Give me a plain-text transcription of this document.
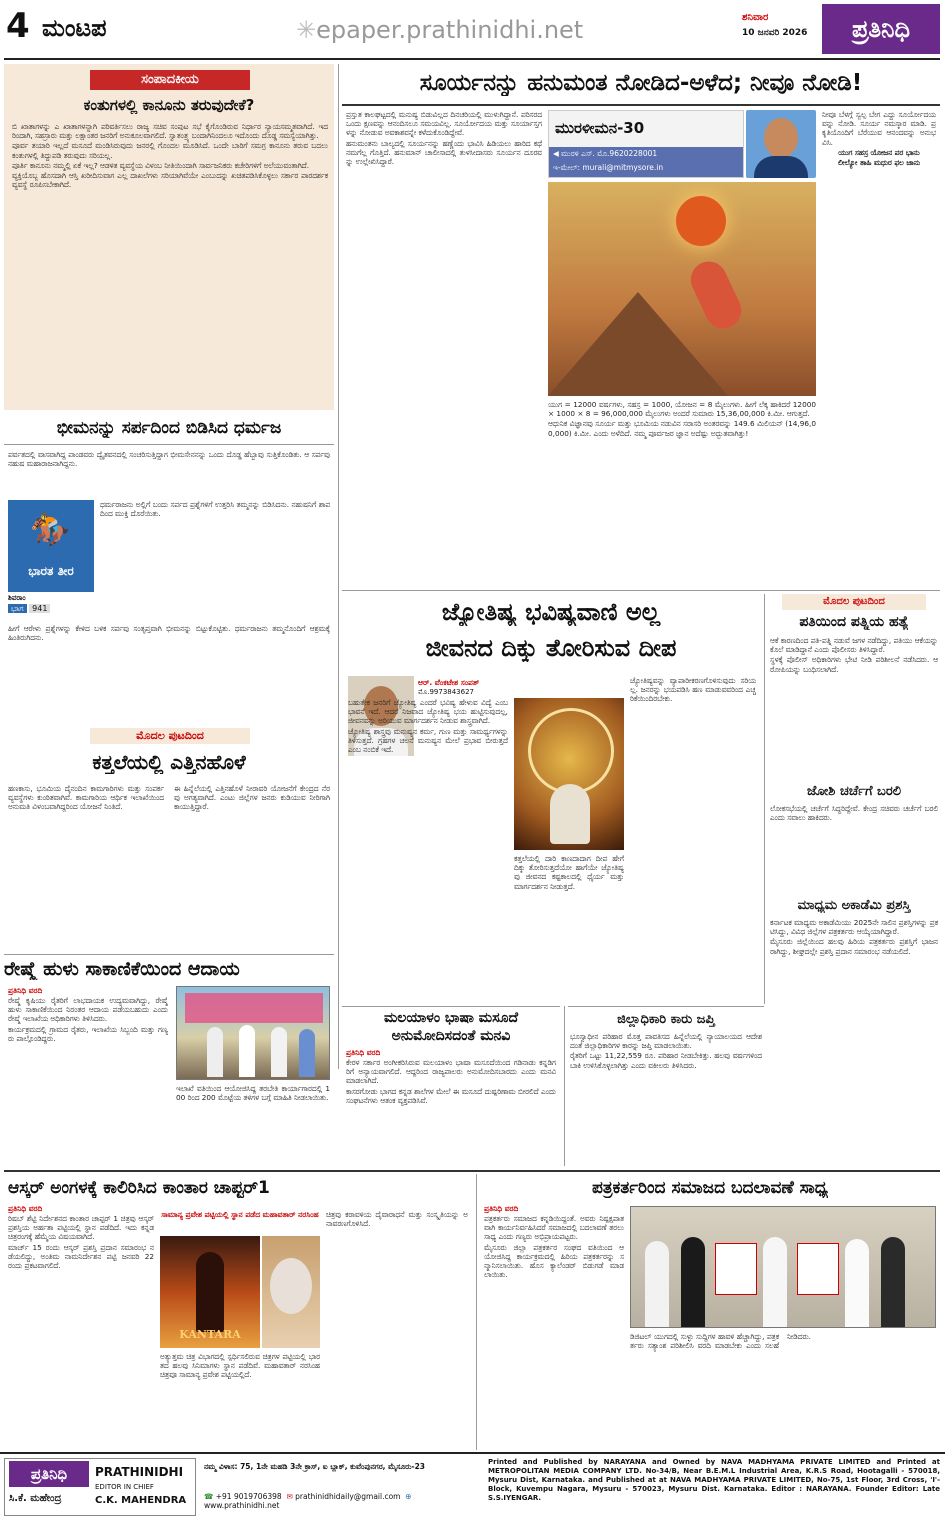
4 ಮಂಟಪ	✳epaper.prathinidhi.net	ಶನಿವಾರ
10 ಜನವರಿ 2026	ಪ್ರತಿನಿಧಿ
ಸಂಪಾದಕೀಯ
ಕಂತುಗಳಲ್ಲಿ ಕಾನೂನು ತರುವುದೇಕೆ?

ಬಿ ಖಾತಾಗಳನ್ನು ಎ ಖಾತಾಗಳನ್ನಾಗಿ ಪರಿವರ್ತಿಸಲು ರಾಜ್ಯ ಸಚಿವ ಸಂಪುಟ ಸಭೆ ಕೈಗೊಂಡಿರುವ ನಿರ್ಧಾರ ನ್ಯಾಯಸಮ್ಮತವಾಗಿದೆ. ಇದರಿಂದಾಗಿ, ಸಹಸ್ರಾರು ಮತ್ತು ಲಕ್ಷಾಂತರ ಜನರಿಗೆ ಅನುಕೂಲವಾಗಲಿದೆ. ಸ್ವಾತಂತ್ರ್ಯ ಬಂದಾಗಿನಿಂದಲೂ ಇದೊಂದು ದೊಡ್ಡ ಸಮಸ್ಯೆಯಾಗಿತ್ತು.

ಪೂರ್ವ ತಯಾರಿ ಇಲ್ಲದೆ ಮಸೂದೆ ಮಂಡಿಸಿರುವುದು ಜನರಲ್ಲಿ ಗೊಂದಲ ಮೂಡಿಸಿದೆ. ಒಂದೇ ಬಾರಿಗೆ ಸಮಗ್ರ ಕಾನೂನು ತರುವ ಬದಲು ಕಂತುಗಳಲ್ಲಿ ತಿದ್ದುಪಡಿ ತರುವುದು ಸರಿಯಲ್ಲ.

ಪೂರ್ತಿ ಕಾನೂನು ನಮ್ಮಲ್ಲಿ ಏಕೆ ಇಲ್ಲ? ಆಡಳಿತ ವ್ಯವಸ್ಥೆಯ ವಿಳಂಬ ನೀತಿಯಿಂದಾಗಿ ಸಾರ್ವಜನಿಕರು ಕಚೇರಿಗಳಿಗೆ ಅಲೆಯುವಂತಾಗಿದೆ.

ವ್ಯಕ್ತಿಯೊಬ್ಬ ಹೊಸದಾಗಿ ಆಸ್ತಿ ಖರೀದಿಸುವಾಗ ಎಲ್ಲ ದಾಖಲೆಗಳು ಸರಿಯಾಗಿವೆಯೇ ಎಂಬುದನ್ನು ಖಚಿತಪಡಿಸಿಕೊಳ್ಳಲು ಸರ್ಕಾರ ಪಾರದರ್ಶಕ ವ್ಯವಸ್ಥೆ ರೂಪಿಸಬೇಕಾಗಿದೆ.

ಭೀಮನನ್ನು ಸರ್ಪದಿಂದ ಬಿಡಿಸಿದ ಧರ್ಮಜ

ಪರ್ವತದಲ್ಲಿ ವಾಸವಾಗಿದ್ದ ಪಾಂಡವರು ದ್ವೈತವನದಲ್ಲಿ ಸಂಚರಿಸುತ್ತಿದ್ದಾಗ ಭೀಮಸೇನನನ್ನು ಒಂದು ದೊಡ್ಡ ಹೆಬ್ಬಾವು ಸುತ್ತಿಕೊಂಡಿತು. ಆ ಸರ್ಪವು ನಹುಷ ಮಹಾರಾಜನಾಗಿದ್ದನು.

🏇
ಭಾರತ ತೀರ
ಶಿವರಾಂ
ಭಾಗ 941

ಧರ್ಮರಾಜನು ಅಲ್ಲಿಗೆ ಬಂದು ಸರ್ಪದ ಪ್ರಶ್ನೆಗಳಿಗೆ ಉತ್ತರಿಸಿ ತಮ್ಮನನ್ನು ಬಿಡಿಸಿದನು. ನಹುಷನಿಗೆ ಶಾಪದಿಂದ ಮುಕ್ತಿ ದೊರೆಯಿತು.

ಹೀಗೆ ಆರೇಳು ಪ್ರಶ್ನೆಗಳನ್ನು ಕೇಳಿದ ಬಳಿಕ ಸರ್ಪವು ಸಂತೃಪ್ತವಾಗಿ ಭೀಮನನ್ನು ಬಿಟ್ಟುಕೊಟ್ಟಿತು. ಧರ್ಮರಾಜನು ತಮ್ಮನೊಂದಿಗೆ ಆಶ್ರಮಕ್ಕೆ ಹಿಂತಿರುಗಿದನು.

ಮೊದಲ ಪುಟದಿಂದ
ಕತ್ತಲೆಯಲ್ಲಿ ಎತ್ತಿನಹೊಳೆ

ಹಣಕಾಸು, ಭೂಮಿಯ ದೈನಂದಿನ ಕಾಮಗಾರಿಗಳು ಮತ್ತು ಸಂಪರ್ಕ ವ್ಯವಸ್ಥೆಗಳು ಕುಂಠಿತವಾಗಿವೆ. ಕಾಮಗಾರಿಯ ಆರ್ಥಿಕ ಇಲಾಖೆಯಿಂದ ಅನುಮತಿ ವಿಳಂಬವಾಗಿದ್ದರಿಂದ ಯೋಜನೆ ನಿಂತಿದೆ.

ಈ ಹಿನ್ನೆಲೆಯಲ್ಲಿ ಎತ್ತಿನಹೊಳೆ ನೀರಾವರಿ ಯೋಜನೆಗೆ ಕೇಂದ್ರದ ನೆರವು ಅಗತ್ಯವಾಗಿದೆ. ಎಂಟು ಜಿಲ್ಲೆಗಳ ಜನರು ಕುಡಿಯುವ ನೀರಿಗಾಗಿ ಕಾಯುತ್ತಿದ್ದಾರೆ.

ರೇಷ್ಮೆ ಹುಳು ಸಾಕಾಣಿಕೆಯಿಂದ ಆದಾಯ
ಪ್ರತಿನಿಧಿ ವರದಿ

ರೇಷ್ಮೆ ಕೃಷಿಯು ರೈತರಿಗೆ ಲಾಭದಾಯಕ ಉದ್ಯಮವಾಗಿದ್ದು, ರೇಷ್ಮೆ ಹುಳು ಸಾಕಾಣಿಕೆಯಿಂದ ನಿರಂತರ ಆದಾಯ ಪಡೆಯಬಹುದು ಎಂದು ರೇಷ್ಮೆ ಇಲಾಖೆಯ ಅಧಿಕಾರಿಗಳು ತಿಳಿಸಿದರು.

ಕಾರ್ಯಕ್ರಮದಲ್ಲಿ ಗ್ರಾಮದ ರೈತರು, ಇಲಾಖೆಯ ಸಿಬ್ಬಂದಿ ಮತ್ತು ಗಣ್ಯರು ಪಾಲ್ಗೊಂಡಿದ್ದರು.

ಇಲಾಖೆ ವತಿಯಿಂದ ಆಯೋಜಿಸಿದ್ದ ತರಬೇತಿ ಕಾರ್ಯಾಗಾರದಲ್ಲಿ 100 ರಿಂದ 200 ಮೊಟ್ಟೆಯ ತಳಿಗಳ ಬಗ್ಗೆ ಮಾಹಿತಿ ನೀಡಲಾಯಿತು.

ಸೂರ್ಯನನ್ನು ಹನುಮಂತ ನೋಡಿದ-ಅಳೆದ; ನೀವೂ ನೋಡಿ!

ಪ್ರಸ್ತುತ ಕಾಲಘಟ್ಟದಲ್ಲಿ ಮನುಷ್ಯ ಬಿಡುವಿಲ್ಲದ ದಿನಚರಿಯಲ್ಲಿ ಮುಳುಗಿದ್ದಾನೆ. ಪರಿಸರದ ಒಂದು ಕ್ಷಣವನ್ನು ಆನಂದಿಸಲೂ ಸಮಯವಿಲ್ಲ. ಸೂರ್ಯೋದಯ ಮತ್ತು ಸೂರ್ಯಾಸ್ತಗಳನ್ನು ನೋಡುವ ಅವಕಾಶವನ್ನೇ ಕಳೆದುಕೊಂಡಿದ್ದೇವೆ.

ಹನುಮಂತನು ಬಾಲ್ಯದಲ್ಲಿ ಸೂರ್ಯನನ್ನು ಹಣ್ಣೆಂದು ಭಾವಿಸಿ ಹಿಡಿಯಲು ಹಾರಿದ ಕಥೆ ನಮಗೆಲ್ಲ ಗೊತ್ತಿದೆ. ಹನುಮಾನ್ ಚಾಲೀಸಾದಲ್ಲಿ ತುಳಸೀದಾಸರು ಸೂರ್ಯನ ದೂರವನ್ನು ಉಲ್ಲೇಖಿಸಿದ್ದಾರೆ.

ಮುರಳೀಮನ-30
◀ ಮುರಳಿ ಎಸ್. ಮೊ.9620228001
ಇ-ಮೇಲ್: murali@mitmysore.in

ಯುಗ = 12000 ವರ್ಷಗಳು, ಸಹಸ್ರ = 1000, ಯೋಜನ = 8 ಮೈಲುಗಳು. ಹೀಗೆ ಲೆಕ್ಕ ಹಾಕಿದರೆ 12000 × 1000 × 8 = 96,000,000 ಮೈಲುಗಳು ಅಂದರೆ ಸುಮಾರು 15,36,00,000 ಕಿ.ಮೀ. ಆಗುತ್ತದೆ.

ಆಧುನಿಕ ವಿಜ್ಞಾನವು ಸೂರ್ಯ ಮತ್ತು ಭೂಮಿಯ ನಡುವಿನ ಸರಾಸರಿ ಅಂತರವನ್ನು 149.6 ಮಿಲಿಯನ್ (14,96,00,000) ಕಿ.ಮೀ. ಎಂದು ಅಳೆದಿದೆ. ನಮ್ಮ ಪೂರ್ವಜರ ಜ್ಞಾನ ಅದೆಷ್ಟು ಅದ್ಭುತವಾಗಿತ್ತು!

ನೀವೂ ಬೆಳಗ್ಗೆ ಸ್ವಲ್ಪ ಬೇಗ ಎದ್ದು ಸೂರ್ಯೋದಯವನ್ನು ನೋಡಿ. ಸೂರ್ಯ ನಮಸ್ಕಾರ ಮಾಡಿ. ಪ್ರಕೃತಿಯೊಂದಿಗೆ ಬೆರೆಯುವ ಆನಂದವನ್ನು ಅನುಭವಿಸಿ.

ಯುಗ ಸಹಸ್ರ ಯೋಜನ ಪರ ಭಾನು

ಲೀಲ್ಯೋ ತಾಹಿ ಮಧುರ ಫಲ ಜಾನು

ಜ್ಯೋತಿಷ್ಯ ಭವಿಷ್ಯವಾಣಿ ಅಲ್ಲ
ಜೀವನದ ದಿಕ್ಕು ತೋರಿಸುವ ದೀಪ
ಆರ್. ವೆಂಕಟೇಶ ಸಂಪತ್
ಮೊ.9973843627

ಬಹುತೇಕ ಜನರಿಗೆ ಜ್ಯೋತಿಷ್ಯ ಎಂದರೆ ಭವಿಷ್ಯ ಹೇಳುವ ವಿದ್ಯೆ ಎಂಬ ಭಾವನೆ ಇದೆ. ಆದರೆ ನಿಜವಾದ ಜ್ಯೋತಿಷ್ಯ ಭಯ ಹುಟ್ಟಿಸುವುದಲ್ಲ, ಜೀವನವನ್ನು ಅರಿಯುವ ಮಾರ್ಗದರ್ಶನ ನೀಡುವ ಶಾಸ್ತ್ರವಾಗಿದೆ.

ಜ್ಯೋತಿಷ್ಯ ಶಾಸ್ತ್ರವು ಮನುಷ್ಯನ ಕರ್ಮ, ಗುಣ ಮತ್ತು ಸಾಮರ್ಥ್ಯಗಳನ್ನು ತಿಳಿಸುತ್ತದೆ. ಗ್ರಹಗಳ ಚಲನೆ ಮನುಷ್ಯನ ಮೇಲೆ ಪ್ರಭಾವ ಬೀರುತ್ತದೆ ಎಂಬ ನಂಬಿಕೆ ಇದೆ.

ಕತ್ತಲೆಯಲ್ಲಿ ದಾರಿ ಕಾಣದಾದಾಗ ದೀಪ ಹೇಗೆ ದಿಕ್ಕು ತೋರಿಸುತ್ತದೆಯೋ ಹಾಗೆಯೇ ಜ್ಯೋತಿಷ್ಯವು ಜೀವನದ ಕಷ್ಟಕಾಲದಲ್ಲಿ ಧೈರ್ಯ ಮತ್ತು ಮಾರ್ಗದರ್ಶನ ನೀಡುತ್ತದೆ.

ಜ್ಯೋತಿಷ್ಯವನ್ನು ವ್ಯಾಪಾರೀಕರಣಗೊಳಿಸುವುದು ಸರಿಯಲ್ಲ. ಜನರನ್ನು ಭಯಪಡಿಸಿ ಹಣ ಮಾಡುವವರಿಂದ ಎಚ್ಚರಿಕೆಯಿಂದಿರಬೇಕು.

ಮೊದಲ ಪುಟದಿಂದ
ಪತಿಯಿಂದ ಪತ್ನಿಯ ಹತ್ಯೆ

ಆಕೆ ಕಾರಣದಿಂದ ಪತಿ-ಪತ್ನಿ ನಡುವೆ ಜಗಳ ನಡೆದಿದ್ದು, ಪತಿಯು ಆಕೆಯನ್ನು ಕೊಲೆ ಮಾಡಿದ್ದಾನೆ ಎಂದು ಪೊಲೀಸರು ತಿಳಿಸಿದ್ದಾರೆ.

ಸ್ಥಳಕ್ಕೆ ಪೊಲೀಸ್ ಅಧಿಕಾರಿಗಳು ಭೇಟಿ ನೀಡಿ ಪರಿಶೀಲನೆ ನಡೆಸಿದರು. ಆರೋಪಿಯನ್ನು ಬಂಧಿಸಲಾಗಿದೆ.

ಜೋಶಿ ಚರ್ಚೆಗೆ ಬರಲಿ

ಲೋಕಸಭೆಯಲ್ಲಿ ಚರ್ಚೆಗೆ ಸಿದ್ಧರಿದ್ದೇವೆ. ಕೇಂದ್ರ ಸಚಿವರು ಚರ್ಚೆಗೆ ಬರಲಿ ಎಂದು ಸವಾಲು ಹಾಕಿದರು.

ಮಾಧ್ಯಮ ಅಕಾಡೆಮಿ ಪ್ರಶಸ್ತಿ

ಕರ್ನಾಟಕ ಮಾಧ್ಯಮ ಅಕಾಡೆಮಿಯು 2025ನೇ ಸಾಲಿನ ಪ್ರಶಸ್ತಿಗಳನ್ನು ಪ್ರಕಟಿಸಿದ್ದು, ವಿವಿಧ ಜಿಲ್ಲೆಗಳ ಪತ್ರಕರ್ತರು ಆಯ್ಕೆಯಾಗಿದ್ದಾರೆ.

ಮೈಸೂರು ಜಿಲ್ಲೆಯಿಂದ ಹಲವು ಹಿರಿಯ ಪತ್ರಕರ್ತರು ಪ್ರಶಸ್ತಿಗೆ ಭಾಜನರಾಗಿದ್ದು, ಶೀಘ್ರದಲ್ಲೇ ಪ್ರಶಸ್ತಿ ಪ್ರದಾನ ಸಮಾರಂಭ ನಡೆಯಲಿದೆ.

ಮಲಯಾಳಂ ಭಾಷಾ ಮಸೂದೆ
ಅನುಮೋದಿಸದಂತೆ ಮನವಿ
ಪ್ರತಿನಿಧಿ ವರದಿ

ಕೇರಳ ಸರ್ಕಾರ ಅಂಗೀಕರಿಸಿರುವ ಮಲಯಾಳಂ ಭಾಷಾ ಮಸೂದೆಯಿಂದ ಗಡಿನಾಡು ಕನ್ನಡಿಗರಿಗೆ ಅನ್ಯಾಯವಾಗಲಿದೆ. ಆದ್ದರಿಂದ ರಾಜ್ಯಪಾಲರು ಅನುಮೋದಿಸಬಾರದು ಎಂದು ಮನವಿ ಮಾಡಲಾಗಿದೆ.

ಕಾಸರಗೋಡು ಭಾಗದ ಕನ್ನಡ ಶಾಲೆಗಳ ಮೇಲೆ ಈ ಮಸೂದೆ ದುಷ್ಪರಿಣಾಮ ಬೀರಲಿದೆ ಎಂದು ಸಂಘಟನೆಗಳು ಆತಂಕ ವ್ಯಕ್ತಪಡಿಸಿವೆ.

ಜಿಲ್ಲಾಧಿಕಾರಿ ಕಾರು ಜಪ್ತಿ

ಭೂಸ್ವಾಧೀನ ಪರಿಹಾರ ಮೊತ್ತ ಪಾವತಿಸದ ಹಿನ್ನೆಲೆಯಲ್ಲಿ ನ್ಯಾಯಾಲಯದ ಆದೇಶದಂತೆ ಜಿಲ್ಲಾಧಿಕಾರಿಗಳ ಕಾರನ್ನು ಜಪ್ತಿ ಮಾಡಲಾಯಿತು.

ರೈತರಿಗೆ ಒಟ್ಟು 11,22,559 ರೂ. ಪರಿಹಾರ ನೀಡಬೇಕಿತ್ತು. ಹಲವು ವರ್ಷಗಳಿಂದ ಬಾಕಿ ಉಳಿಸಿಕೊಳ್ಳಲಾಗಿತ್ತು ಎಂದು ವಕೀಲರು ತಿಳಿಸಿದರು.

ಆಸ್ಕರ್ ಅಂಗಳಕ್ಕೆ ಕಾಲಿರಿಸಿದ ಕಾಂತಾರ ಚಾಪ್ಟರ್1
ಪ್ರತಿನಿಧಿ ವರದಿ

ರಿಷಬ್ ಶೆಟ್ಟಿ ನಿರ್ದೇಶನದ ಕಾಂತಾರ ಚಾಪ್ಟರ್ 1 ಚಿತ್ರವು ಆಸ್ಕರ್ ಪ್ರಶಸ್ತಿಯ ಅರ್ಹತಾ ಪಟ್ಟಿಯಲ್ಲಿ ಸ್ಥಾನ ಪಡೆದಿದೆ. ಇದು ಕನ್ನಡ ಚಿತ್ರರಂಗಕ್ಕೆ ಹೆಮ್ಮೆಯ ವಿಷಯವಾಗಿದೆ.

ಮಾರ್ಚ್ 15 ರಂದು ಆಸ್ಕರ್ ಪ್ರಶಸ್ತಿ ಪ್ರದಾನ ಸಮಾರಂಭ ನಡೆಯಲಿದ್ದು, ಅಂತಿಮ ನಾಮನಿರ್ದೇಶನ ಪಟ್ಟಿ ಜನವರಿ 22 ರಂದು ಪ್ರಕಟವಾಗಲಿದೆ.

ಸಾಮಾನ್ಯ ಪ್ರವೇಶ ಪಟ್ಟಿಯಲ್ಲಿ ಸ್ಥಾನ ಪಡೆದ ಮಹಾವತಾರ್ ನರಸಿಂಹ
KANTARA

ಅತ್ಯುತ್ತಮ ಚಿತ್ರ ವಿಭಾಗದಲ್ಲಿ ಸ್ಪರ್ಧಿಸಲಿರುವ ಚಿತ್ರಗಳ ಪಟ್ಟಿಯಲ್ಲಿ ಭಾರತದ ಹಲವು ಸಿನಿಮಾಗಳು ಸ್ಥಾನ ಪಡೆದಿವೆ. ಮಹಾವತಾರ್ ನರಸಿಂಹ ಚಿತ್ರವೂ ಸಾಮಾನ್ಯ ಪ್ರವೇಶ ಪಟ್ಟಿಯಲ್ಲಿದೆ.

ಚಿತ್ರವು ಕರಾವಳಿಯ ದೈವಾರಾಧನೆ ಮತ್ತು ಸಂಸ್ಕೃತಿಯನ್ನು ಅನಾವರಣಗೊಳಿಸಿದೆ.

ಪತ್ರಕರ್ತರಿಂದ ಸಮಾಜದ ಬದಲಾವಣೆ ಸಾಧ್ಯ
ಪ್ರತಿನಿಧಿ ವರದಿ

ಪತ್ರಕರ್ತರು ಸಮಾಜದ ಕನ್ನಡಿಯಿದ್ದಂತೆ. ಅವರು ನಿಷ್ಪಕ್ಷಪಾತವಾಗಿ ಕಾರ್ಯನಿರ್ವಹಿಸಿದರೆ ಸಮಾಜದಲ್ಲಿ ಬದಲಾವಣೆ ತರಲು ಸಾಧ್ಯ ಎಂದು ಗಣ್ಯರು ಅಭಿಪ್ರಾಯಪಟ್ಟರು.

ಮೈಸೂರು ಜಿಲ್ಲಾ ಪತ್ರಕರ್ತರ ಸಂಘದ ವತಿಯಿಂದ ಆಯೋಜಿಸಿದ್ದ ಕಾರ್ಯಕ್ರಮದಲ್ಲಿ ಹಿರಿಯ ಪತ್ರಕರ್ತರನ್ನು ಸನ್ಮಾನಿಸಲಾಯಿತು. ಹೊಸ ಕ್ಯಾಲೆಂಡರ್ ಬಿಡುಗಡೆ ಮಾಡಲಾಯಿತು.

ಡಿಜಿಟಲ್ ಯುಗದಲ್ಲಿ ಸುಳ್ಳು ಸುದ್ದಿಗಳ ಹಾವಳಿ ಹೆಚ್ಚಾಗಿದ್ದು, ಪತ್ರಕರ್ತರು ಸತ್ಯಾಂಶ ಪರಿಶೀಲಿಸಿ ವರದಿ ಮಾಡಬೇಕು ಎಂದು ಸಲಹೆ ನೀಡಿದರು.

ಪ್ರತಿನಿಧಿ	PRATHINIDHI
EDITOR IN CHIEF
ಸಿ.ಕೆ. ಮಹೇಂದ್ರ	C.K. MAHENDRA
ನಮ್ಮ ವಿಳಾಸ: 75, 1ನೇ ಮಹಡಿ 3ನೇ ಕ್ರಾಸ್, ಐ ಬ್ಲಾಕ್, ಕುವೆಂಪುನಗರ, ಮೈಸೂರು-23
☎ +91 9019706398 ✉ prathinidhidaily@gmail.com ⊕ www.prathinidhi.net
Printed and Published by NARAYANA and Owned by NAVA MADHYAMA PRIVATE LIMITED and Printed at METROPOLITAN MEDIA COMPANY LTD. No-34/B, Near B.E.M.L Industrial Area, K.R.S Road, Hootagalli - 570018, Mysuru Dist, Karnataka. and Published at at NAVA MADHYAMA PRIVATE LIMITED, No-75, 1st Floor, 3rd Cross, 'I'- Block, Kuvempu Nagara, Mysuru - 570023, Mysuru Dist. Karnataka. Editor : NARAYANA. Founder Editor: Late S.S.IYENGAR.
